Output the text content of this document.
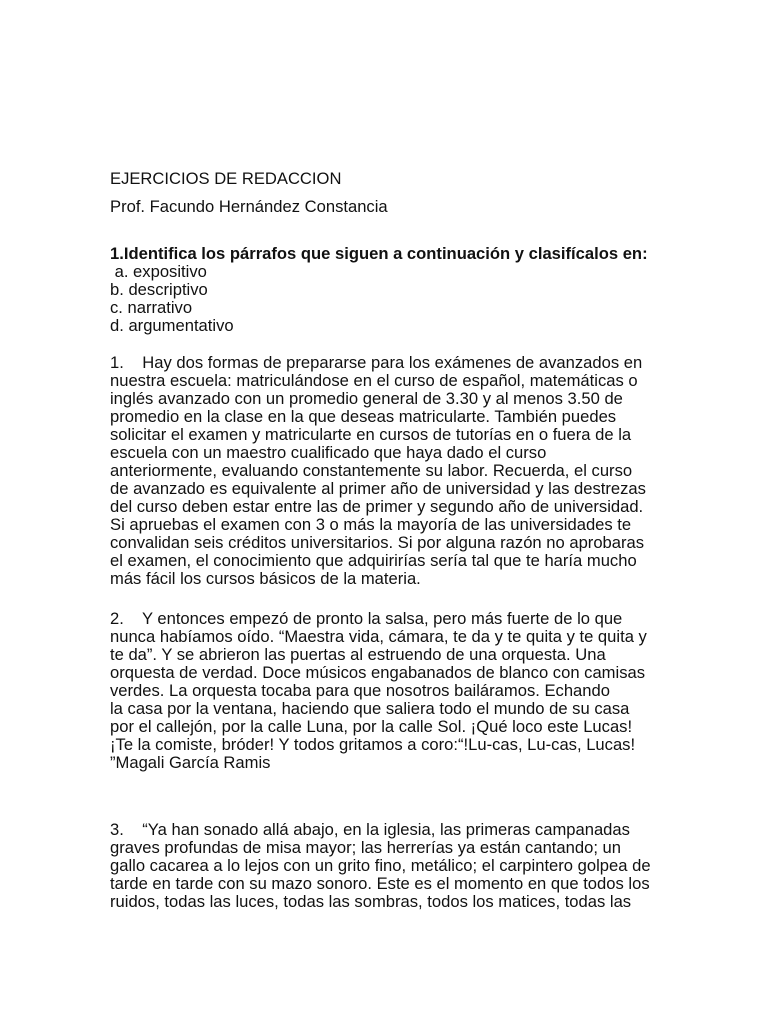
EJERCICIOS DE REDACCION
Prof. Facundo Hernández Constancia
1.Identifica los párrafos que siguen a continuación y clasifícalos en:
a. expositivo
b. descriptivo
c. narrativo
d. argumentativo
1.    Hay dos formas de prepararse para los exámenes de avanzados en
nuestra escuela: matriculándose en el curso de español, matemáticas o
inglés avanzado con un promedio general de 3.30 y al menos 3.50 de
promedio en la clase en la que deseas matricularte. También puedes
solicitar el examen y matricularte en cursos de tutorías en o fuera de la
escuela con un maestro cualificado que haya dado el curso
anteriormente, evaluando constantemente su labor. Recuerda, el curso
de avanzado es equivalente al primer año de universidad y las destrezas
del curso deben estar entre las de primer y segundo año de universidad.
Si apruebas el examen con 3 o más la mayoría de las universidades te
convalidan seis créditos universitarios. Si por alguna razón no aprobaras
el examen, el conocimiento que adquirirías sería tal que te haría mucho
más fácil los cursos básicos de la materia.
2.    Y entonces empezó de pronto la salsa, pero más fuerte de lo que
nunca habíamos oído. “Maestra vida, cámara, te da y te quita y te quita y
te da”. Y se abrieron las puertas al estruendo de una orquesta. Una
orquesta de verdad. Doce músicos engabanados de blanco con camisas
verdes. La orquesta tocaba para que nosotros bailáramos. Echando
la casa por la ventana, haciendo que saliera todo el mundo de su casa
por el callejón, por la calle Luna, por la calle Sol. ¡Qué loco este Lucas!
¡Te la comiste, bróder! Y todos gritamos a coro:“!Lu-cas, Lu-cas, Lucas!
”Magali García Ramis
3.    “Ya han sonado allá abajo, en la iglesia, las primeras campanadas
graves profundas de misa mayor; las herrerías ya están cantando; un
gallo cacarea a lo lejos con un grito fino, metálico; el carpintero golpea de
tarde en tarde con su mazo sonoro. Este es el momento en que todos los
ruidos, todas las luces, todas las sombras, todos los matices, todas las
